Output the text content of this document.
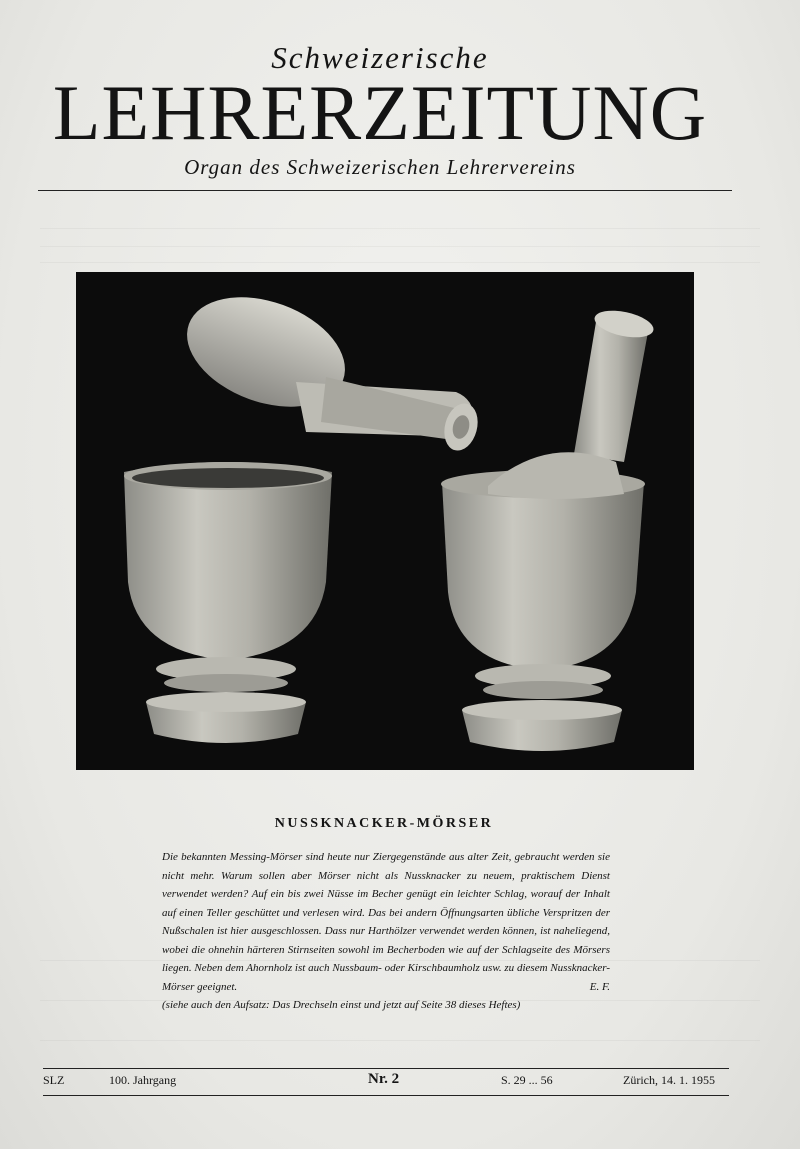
Schweizerische
LEHRERZEITUNG
Organ des Schweizerischen Lehrervereins
NUSSKNACKER-MÖRSER

Die bekannten Messing-Mörser sind heute nur Ziergegenstände aus alter Zeit, gebraucht werden sie nicht mehr. Warum sollen aber Mörser nicht als Nussknacker zu neuem, praktischem Dienst verwendet werden? Auf ein bis zwei Nüsse im Becher genügt ein leichter Schlag, worauf der Inhalt auf einen Teller geschüttet und verlesen wird. Das bei andern Öffnungsarten übliche Verspritzen der Nußschalen ist hier ausgeschlossen. Dass nur Harthölzer verwendet werden können, ist naheliegend, wobei die ohnehin härteren Stirnseiten sowohl im Becherboden wie auf der Schlagseite des Mörsers liegen. Neben dem Ahornholz ist auch Nussbaum- oder Kirschbaumholz usw. zu diesem Nussknacker-Mörser geeignet.	E. F.

(siehe auch den Aufsatz: Das Drechseln einst und jetzt auf Seite 38 dieses Heftes)
SLZ	100. Jahrgang	Nr. 2	S. 29 ... 56	Zürich, 14. 1. 1955
